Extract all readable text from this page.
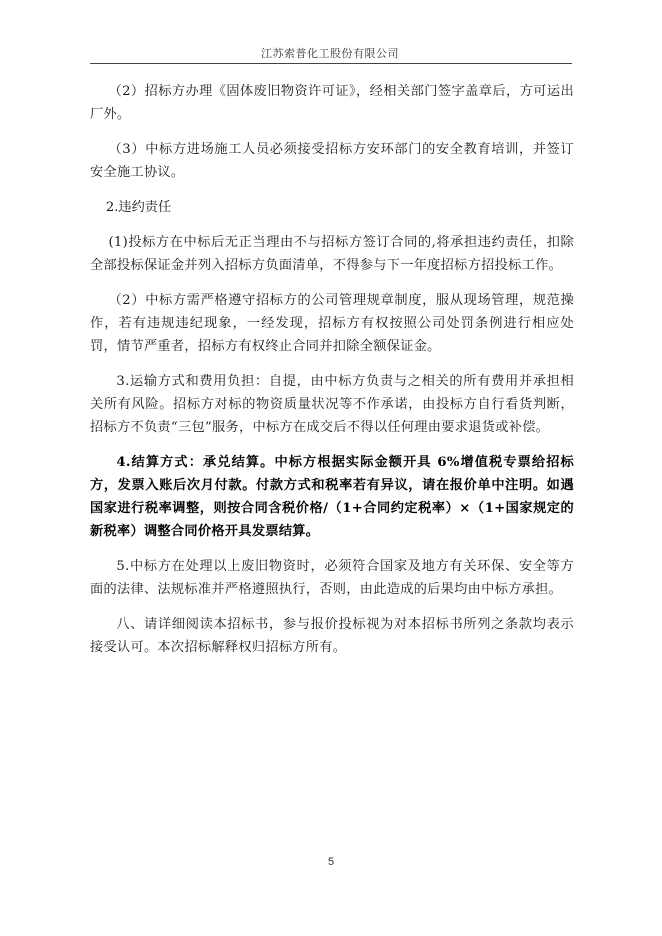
江苏索普化工股份有限公司

（2）招标方办理《固体废旧物资许可证》，经相关部门签字盖章后，方可运出厂外。

（3）中标方进场施工人员必须接受招标方安环部门的安全教育培训，并签订安全施工协议。

2.违约责任

(1)投标方在中标后无正当理由不与招标方签订合同的,将承担违约责任，扣除全部投标保证金并列入招标方负面清单，不得参与下一年度招标方招投标工作。

（2）中标方需严格遵守招标方的公司管理规章制度，服从现场管理，规范操作，若有违规违纪现象，一经发现，招标方有权按照公司处罚条例进行相应处罚，情节严重者，招标方有权终止合同并扣除全额保证金。

3.运输方式和费用负担：自提，由中标方负责与之相关的所有费用并承担相关所有风险。招标方对标的物资质量状况等不作承诺，由投标方自行看货判断，招标方不负责“三包”服务，中标方在成交后不得以任何理由要求退货或补偿。

4.结算方式：承兑结算。中标方根据实际金额开具 6%增值税专票给招标方，发票入账后次月付款。付款方式和税率若有异议，请在报价单中注明。如遇国家进行税率调整，则按合同含税价格/（1+合同约定税率）×（1+国家规定的新税率）调整合同价格开具发票结算。

5.中标方在处理以上废旧物资时，必须符合国家及地方有关环保、安全等方面的法律、法规标准并严格遵照执行，否则，由此造成的后果均由中标方承担。

八、请详细阅读本招标书，参与报价投标视为对本招标书所列之条款均表示接受认可。本次招标解释权归招标方所有。

5
